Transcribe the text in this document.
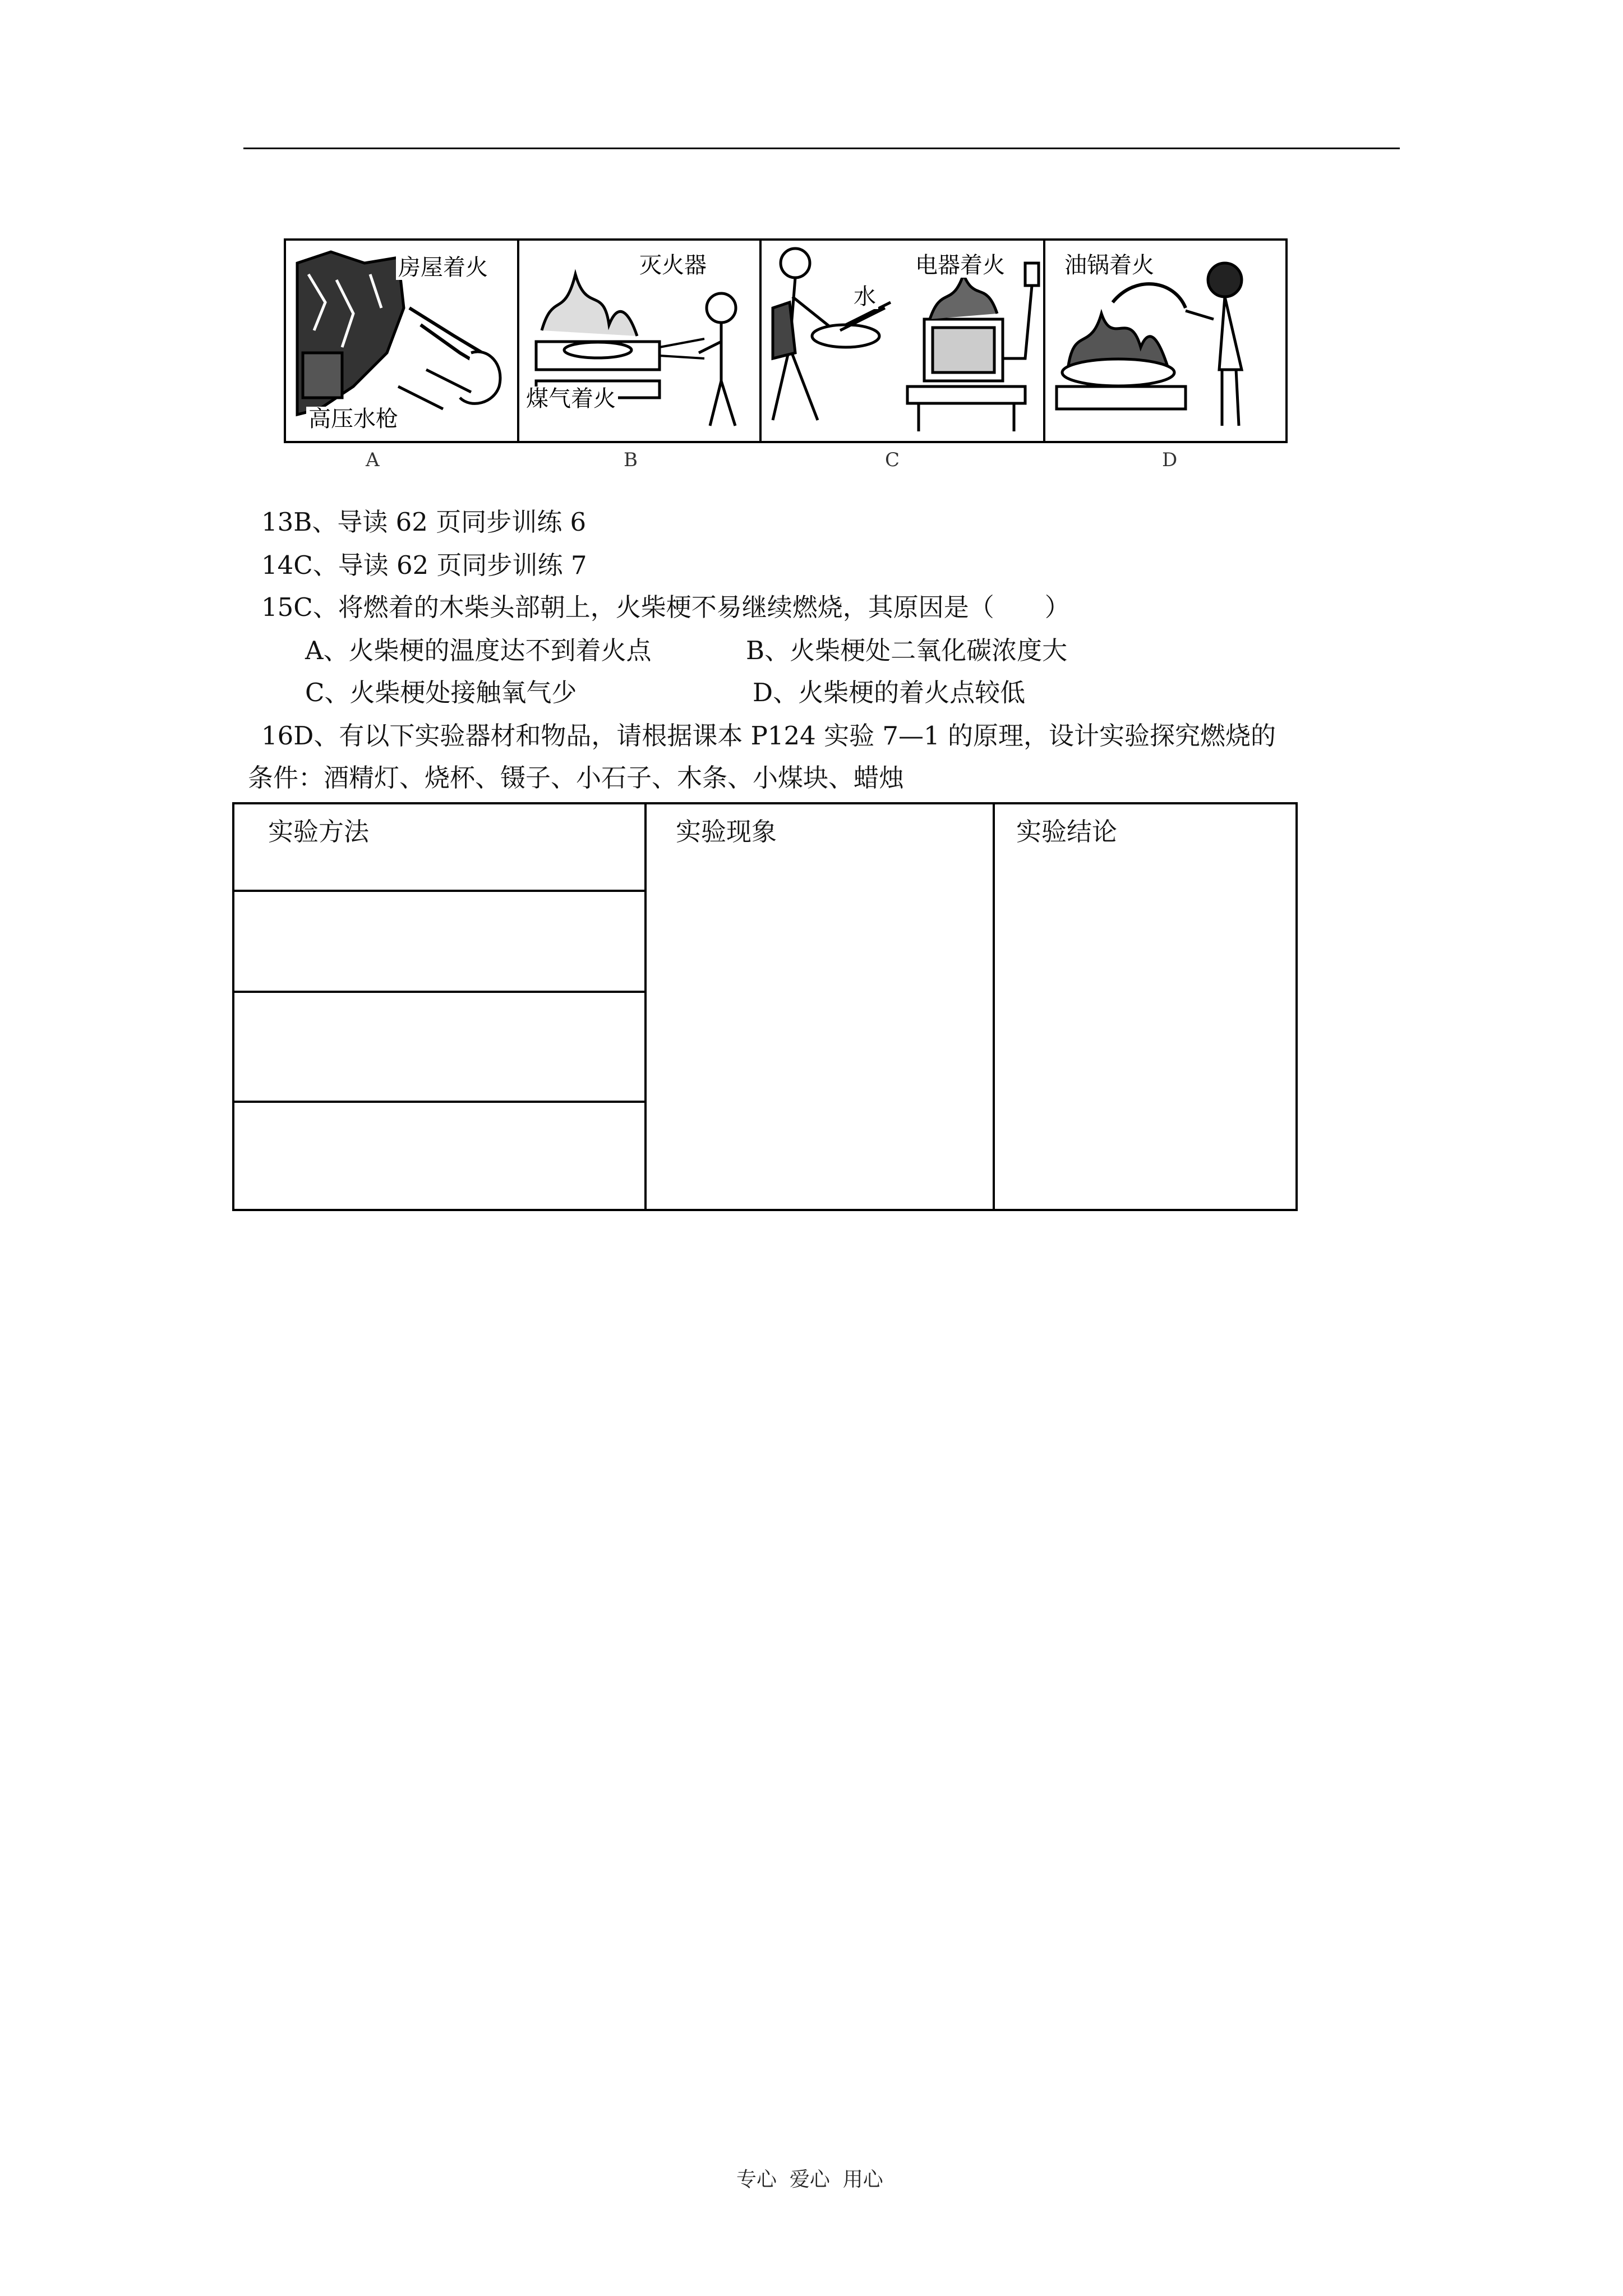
房屋着火
高压水枪
灭火器
煤气着火
电器着火
水
油锅着火
A	B	C	D
13B、导读 62 页同步训练 6
14C、导读 62 页同步训练 7
15C、将燃着的木柴头部朝上，火柴梗不易继续燃烧，其原因是（　　）
A、火柴梗的温度达不到着火点	B、火柴梗处二氧化碳浓度大
C、火柴梗处接触氧气少	D、火柴梗的着火点较低
16D、有以下实验器材和物品，请根据课本 P124 实验 7—1 的原理，设计实验探究燃烧的
条件：酒精灯、烧杯、镊子、小石子、木条、小煤块、蜡烛
实验方法	实验现象	实验结论

专心  爱心  用心
